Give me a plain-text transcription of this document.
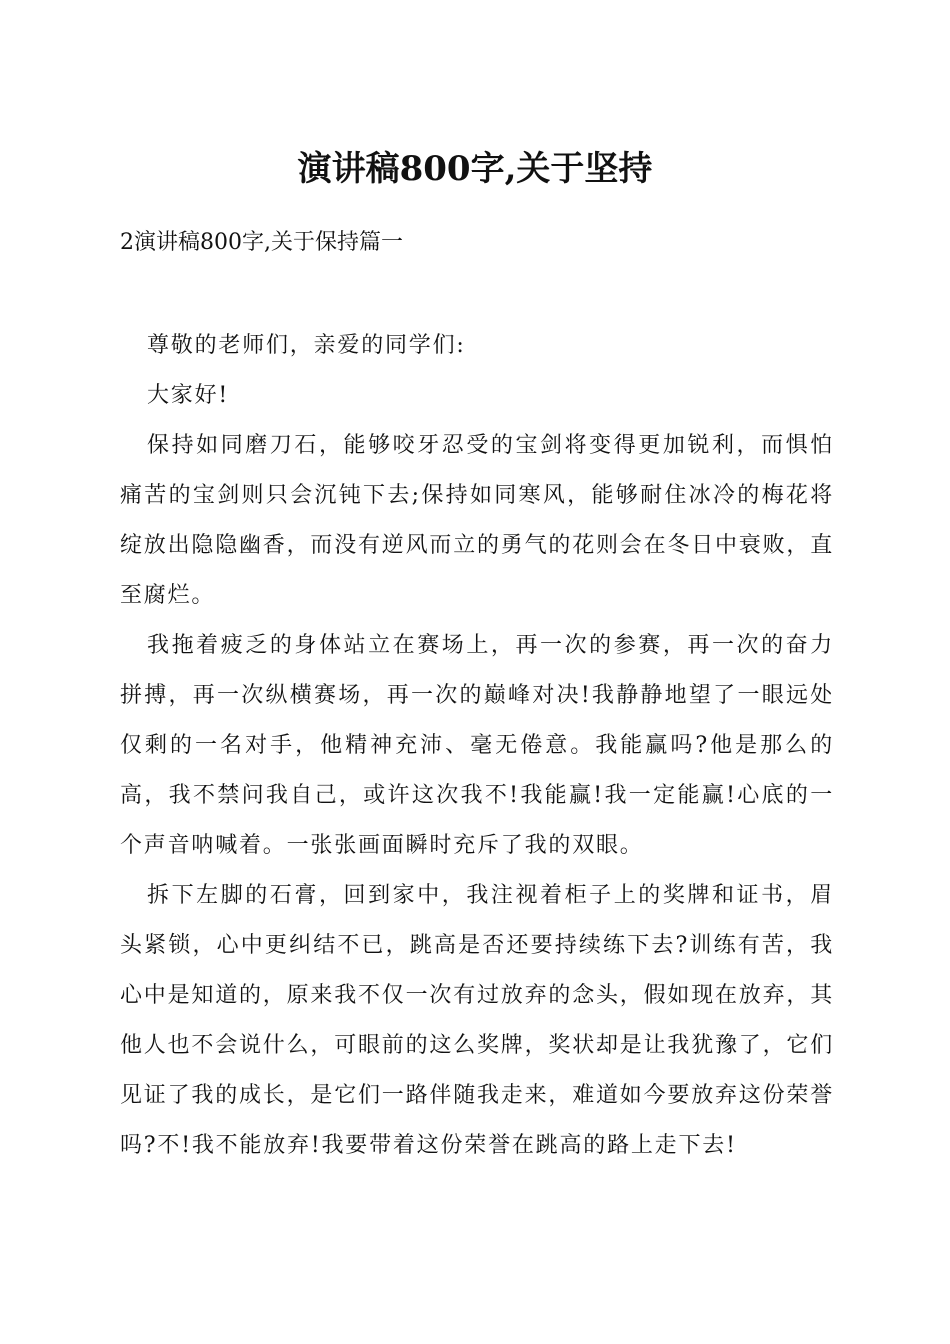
演讲稿800字,关于坚持

2演讲稿800字,关于保持篇一

尊敬的老师们，亲爱的同学们:

大家好!

保持如同磨刀石，能够咬牙忍受的宝剑将变得更加锐利，而惧怕痛苦的宝剑则只会沉钝下去;保持如同寒风，能够耐住冰冷的梅花将绽放出隐隐幽香，而没有逆风而立的勇气的花则会在冬日中衰败，直至腐烂。

我拖着疲乏的身体站立在赛场上，再一次的参赛，再一次的奋力拼搏，再一次纵横赛场，再一次的巅峰对决!我静静地望了一眼远处仅剩的一名对手，他精神充沛、毫无倦意。我能赢吗?他是那么的高，我不禁问我自己，或许这次我不!我能赢!我一定能赢!心底的一个声音呐喊着。一张张画面瞬时充斥了我的双眼。

拆下左脚的石膏，回到家中，我注视着柜子上的奖牌和证书，眉头紧锁，心中更纠结不已，跳高是否还要持续练下去?训练有苦，我心中是知道的，原来我不仅一次有过放弃的念头，假如现在放弃，其他人也不会说什么，可眼前的这么奖牌，奖状却是让我犹豫了，它们见证了我的成长，是它们一路伴随我走来，难道如今要放弃这份荣誉吗?不!我不能放弃!我要带着这份荣誉在跳高的路上走下去!
